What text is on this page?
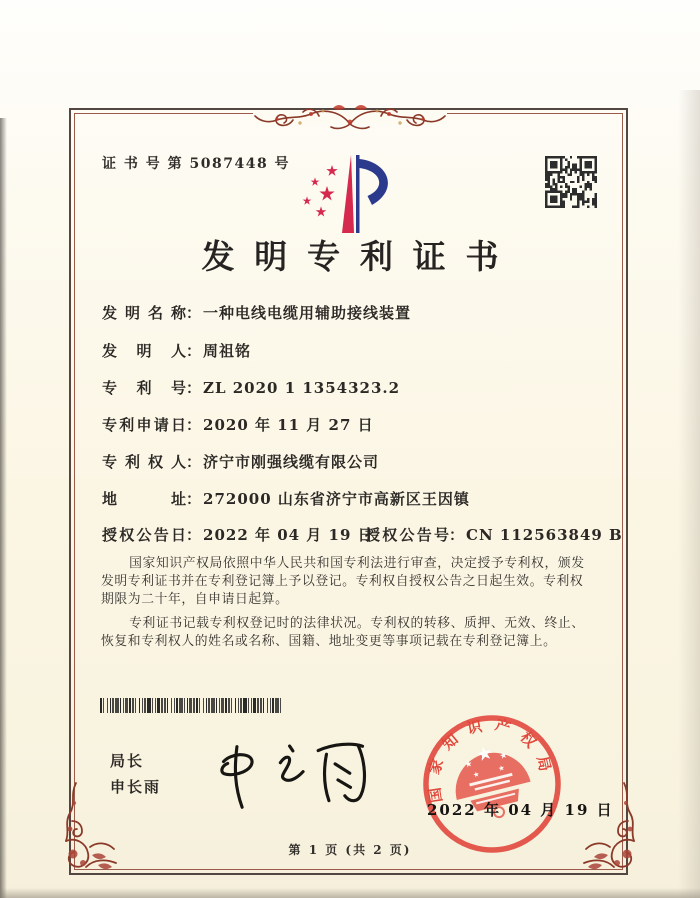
证 书 号 第 5087448 号
发明专利证书
发明名称 ： 一种电线电缆用辅助接线装置
发明人 ： 周祖铭
专利号 ： ZL 2020 1 1354323.2
专利申请日 ： 2020 年 11 月 27 日
专利权人 ： 济宁市刚强线缆有限公司
地址 ： 272000 山东省济宁市高新区王因镇
授权公告日 ： 2022 年 04 月 19 日
授权公告号 ： CN 112563849 B

国家知识产权局依照中华人民共和国专利法进行审查，决定授予专利权，颁发发明专利证书并在专利登记簿上予以登记。专利权自授权公告之日起生效。专利权期限为二十年，自申请日起算。

专利证书记载专利权登记时的法律状况。专利权的转移、质押、无效、终止、恢复和专利权人的姓名或名称、国籍、地址变更等事项记载在专利登记簿上。

局长
申长雨	国家知识产权局
2022 年 04 月 19 日
第 1 页 (共 2 页)
